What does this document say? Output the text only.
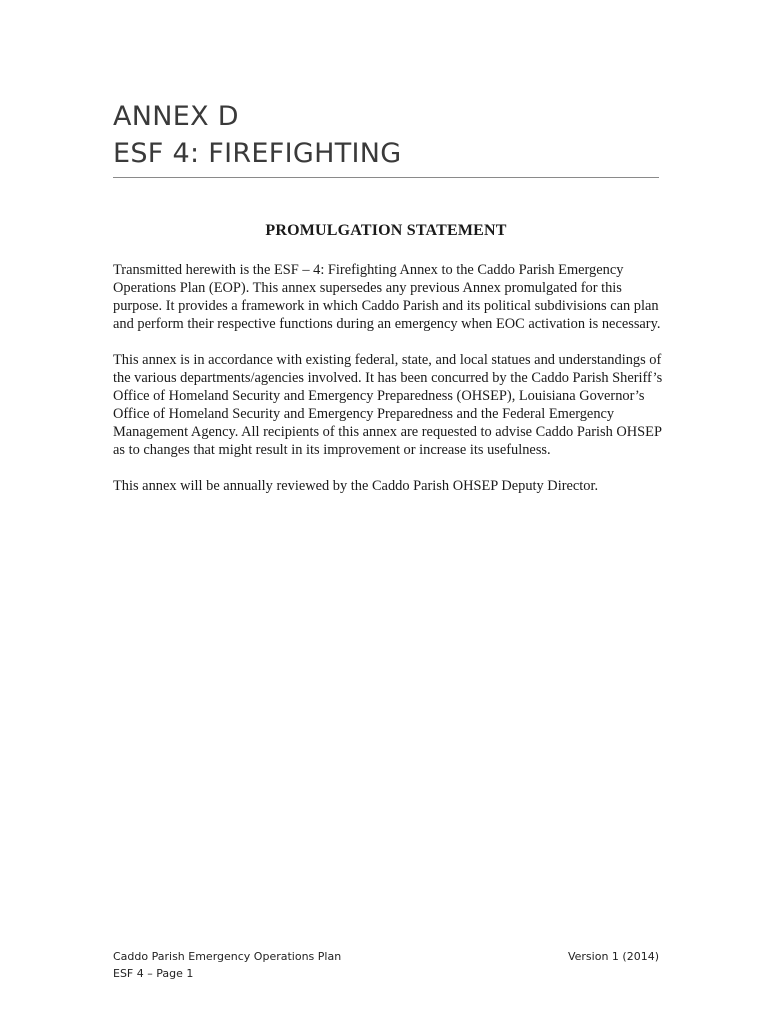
ANNEX D
ESF 4: FIREFIGHTING
PROMULGATION STATEMENT

Transmitted herewith is the ESF – 4: Firefighting Annex to the Caddo Parish Emergency Operations Plan (EOP). This annex supersedes any previous Annex promulgated for this purpose. It provides a framework in which Caddo Parish and its political subdivisions can plan and perform their respective functions during an emergency when EOC activation is necessary.

This annex is in accordance with existing federal, state, and local statues and understandings of the various departments/agencies involved. It has been concurred by the Caddo Parish Sheriff’s Office of Homeland Security and Emergency Preparedness (OHSEP), Louisiana Governor’s Office of Homeland Security and Emergency Preparedness and the Federal Emergency Management Agency. All recipients of this annex are requested to advise Caddo Parish OHSEP as to changes that might result in its improvement or increase its usefulness.

This annex will be annually reviewed by the Caddo Parish OHSEP Deputy Director.

Caddo Parish Emergency Operations Plan	Version 1 (2014)
ESF 4 – Page 1
